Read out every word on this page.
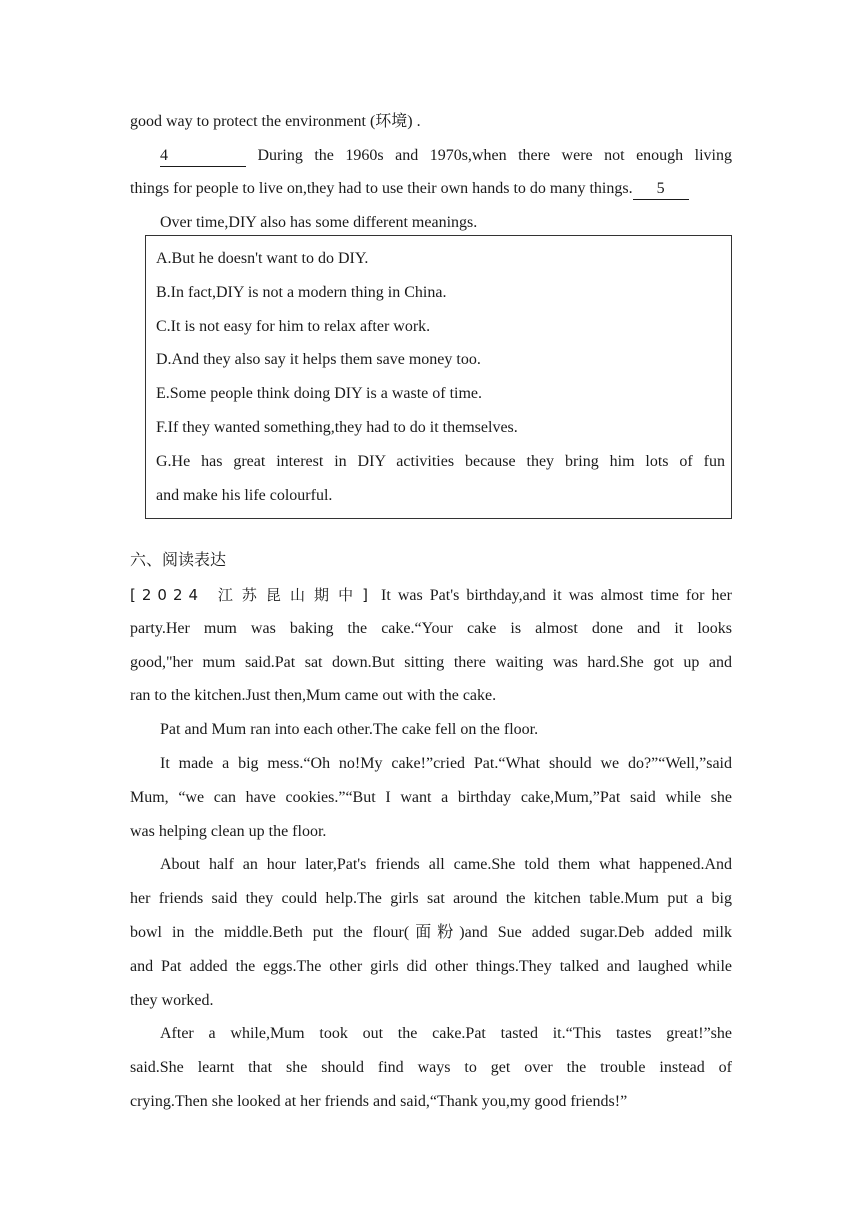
good way to protect the environment (环境) .

4	During the 1960s and 1970s,when there were not enough living

things for people to live on,they had to use their own hands to do many things. 5

Over time,DIY also has some different meanings.

A.But he doesn't want to do DIY.

B.In fact,DIY is not a modern thing in China.

C.It is not easy for him to relax after work.

D.And they also say it helps them save money too.

E.Some people think doing DIY is a waste of time.

F.If they wanted something,they had to do it themselves.

G.He has great interest in DIY activities because they bring him lots of fun

and make his life colourful.

六、阅读表达

[2024 江苏昆山期中] It was Pat's birthday,and it was almost time for her

party.Her mum was baking the cake.“Your cake is almost done and it looks

good,"her mum said.Pat sat down.But sitting there waiting was hard.She got up and

ran to the kitchen.Just then,Mum came out with the cake.

Pat and Mum ran into each other.The cake fell on the floor.

It made a big mess.“Oh no!My cake!”cried Pat.“What should we do?”“Well,”said

Mum, “we can have cookies.”“But I want a birthday cake,Mum,”Pat said while she

was helping clean up the floor.

About half an hour later,Pat's friends all came.She told them what happened.And

her friends said they could help.The girls sat around the kitchen table.Mum put a big

bowl in the middle.Beth put the flour(面粉)and Sue added sugar.Deb added milk

and Pat added the eggs.The other girls did other things.They talked and laughed while

they worked.

After a while,Mum took out the cake.Pat tasted it.“This tastes great!”she

said.She learnt that she should find ways to get over the trouble instead of

crying.Then she looked at her friends and said,“Thank you,my good friends!”
